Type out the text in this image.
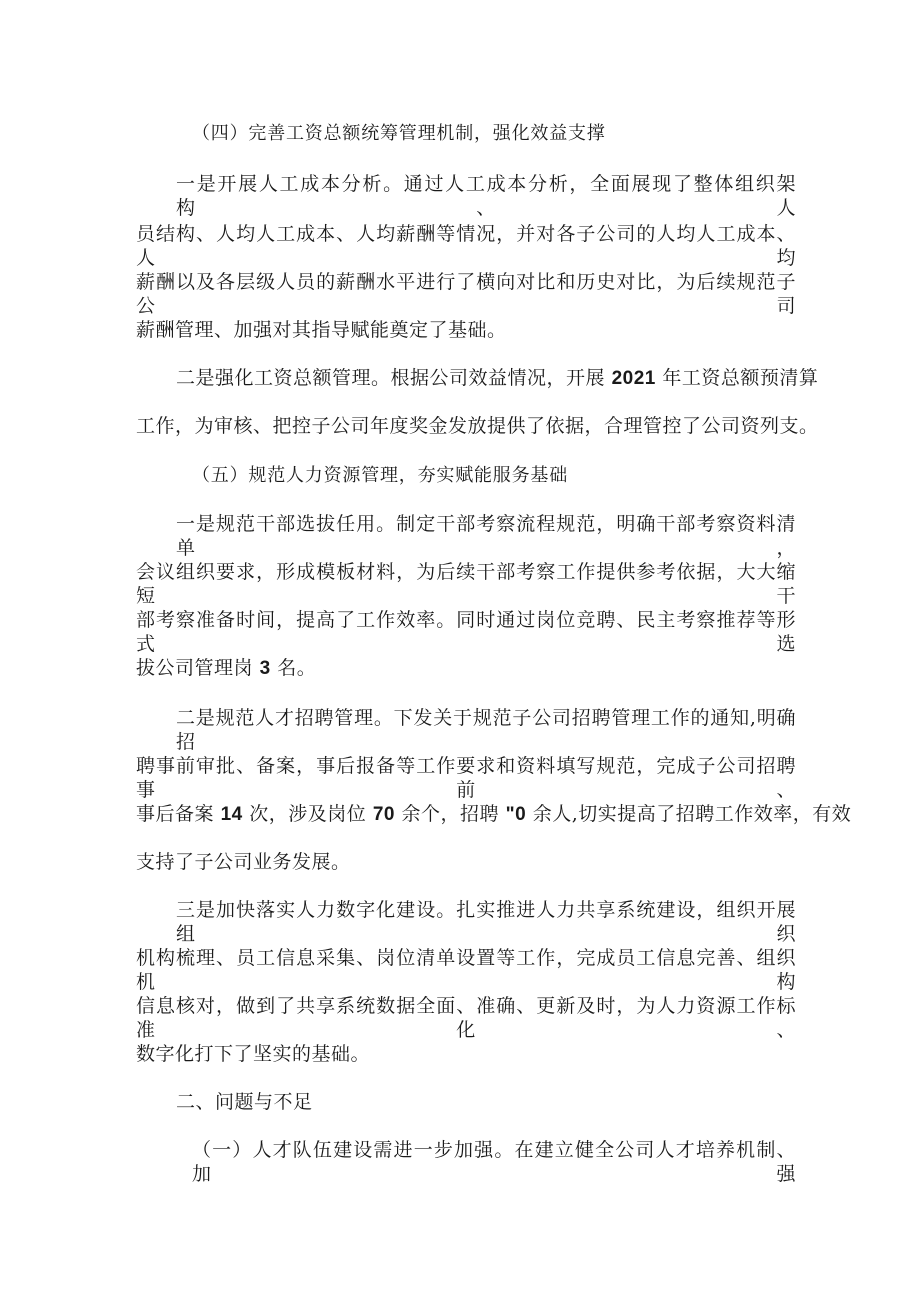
（四）完善工资总额统筹管理机制，强化效益支撑
一是开展人工成本分析。通过人工成本分析，全面展现了整体组织架构、人
员结构、人均人工成本、人均薪酬等情况，并对各子公司的人均人工成本、人均
薪酬以及各层级人员的薪酬水平进行了横向对比和历史对比，为后续规范子公司
薪酬管理、加强对其指导赋能奠定了基础。
二是强化工资总额管理。根据公司效益情况，开展 2021 年工资总额预清算
工作，为审核、把控子公司年度奖金发放提供了依据，合理管控了公司资列支。
（五）规范人力资源管理，夯实赋能服务基础
一是规范干部选拔任用。制定干部考察流程规范，明确干部考察资料清单，
会议组织要求，形成模板材料，为后续干部考察工作提供参考依据，大大缩短干
部考察准备时间，提高了工作效率。同时通过岗位竞聘、民主考察推荐等形式选
拔公司管理岗 3 名。
二是规范人才招聘管理。下发关于规范子公司招聘管理工作的通知,明确招
聘事前审批、备案，事后报备等工作要求和资料填写规范，完成子公司招聘事前、
事后备案 14 次，涉及岗位 70 余个，招聘 "0 余人,切实提高了招聘工作效率，有效
支持了子公司业务发展。
三是加快落实人力数字化建设。扎实推进人力共享系统建设，组织开展组织
机构梳理、员工信息采集、岗位清单设置等工作，完成员工信息完善、组织机构
信息核对，做到了共享系统数据全面、准确、更新及时，为人力资源工作标准化、
数字化打下了坚实的基础。
二、问题与不足
（一）人才队伍建设需进一步加强。在建立健全公司人才培养机制、加强
